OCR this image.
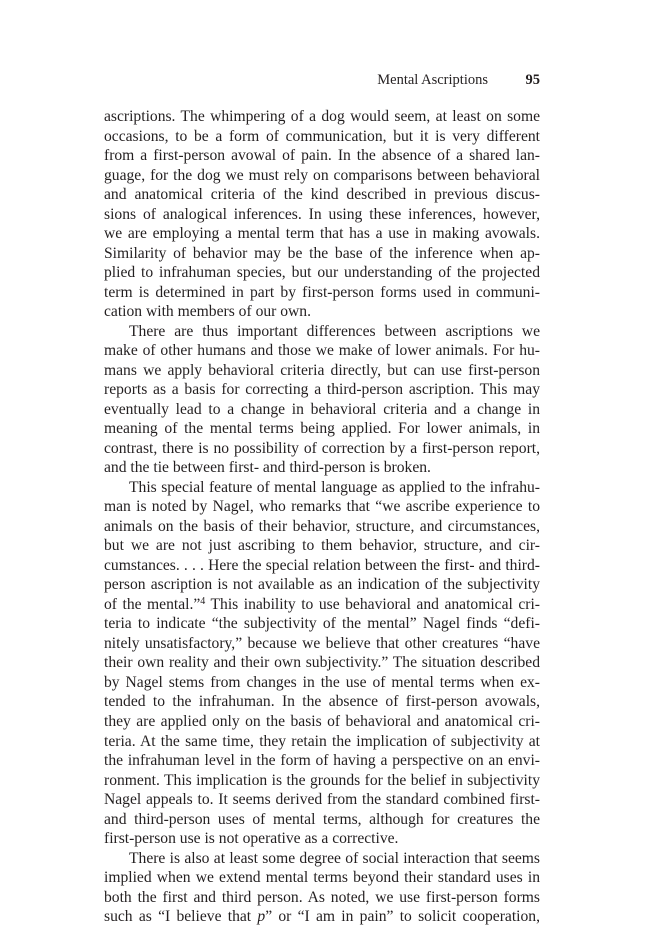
Mental Ascriptions	95
ascriptions. The whimpering of a dog would seem, at least on some
occasions, to be a form of communication, but it is very different
from a first-person avowal of pain. In the absence of a shared lan-
guage, for the dog we must rely on comparisons between behavioral
and anatomical criteria of the kind described in previous discus-
sions of analogical inferences. In using these inferences, however,
we are employing a mental term that has a use in making avowals.
Similarity of behavior may be the base of the inference when ap-
plied to infrahuman species, but our understanding of the projected
term is determined in part by first-person forms used in communi-
cation with members of our own.
There are thus important differences between ascriptions we
make of other humans and those we make of lower animals. For hu-
mans we apply behavioral criteria directly, but can use first-person
reports as a basis for correcting a third-person ascription. This may
eventually lead to a change in behavioral criteria and a change in
meaning of the mental terms being applied. For lower animals, in
contrast, there is no possibility of correction by a first-person report,
and the tie between first- and third-person is broken.
This special feature of mental language as applied to the infrahu-
man is noted by Nagel, who remarks that “we ascribe experience to
animals on the basis of their behavior, structure, and circumstances,
but we are not just ascribing to them behavior, structure, and cir-
cumstances. . . . Here the special relation between the first- and third-
person ascription is not available as an indication of the subjectivity
of the mental.”$^4$ This inability to use behavioral and anatomical cri-
teria to indicate “the subjectivity of the mental” Nagel finds “defi-
nitely unsatisfactory,” because we believe that other creatures “have
their own reality and their own subjectivity.” The situation described
by Nagel stems from changes in the use of mental terms when ex-
tended to the infrahuman. In the absence of first-person avowals,
they are applied only on the basis of behavioral and anatomical cri-
teria. At the same time, they retain the implication of subjectivity at
the infrahuman level in the form of having a perspective on an envi-
ronment. This implication is the grounds for the belief in subjectivity
Nagel appeals to. It seems derived from the standard combined first-
and third-person uses of mental terms, although for creatures the
first-person use is not operative as a corrective.
There is also at least some degree of social interaction that seems
implied when we extend mental terms beyond their standard uses in
both the first and third person. As noted, we use first-person forms
such as “I believe that p” or “I am in pain” to solicit cooperation,
